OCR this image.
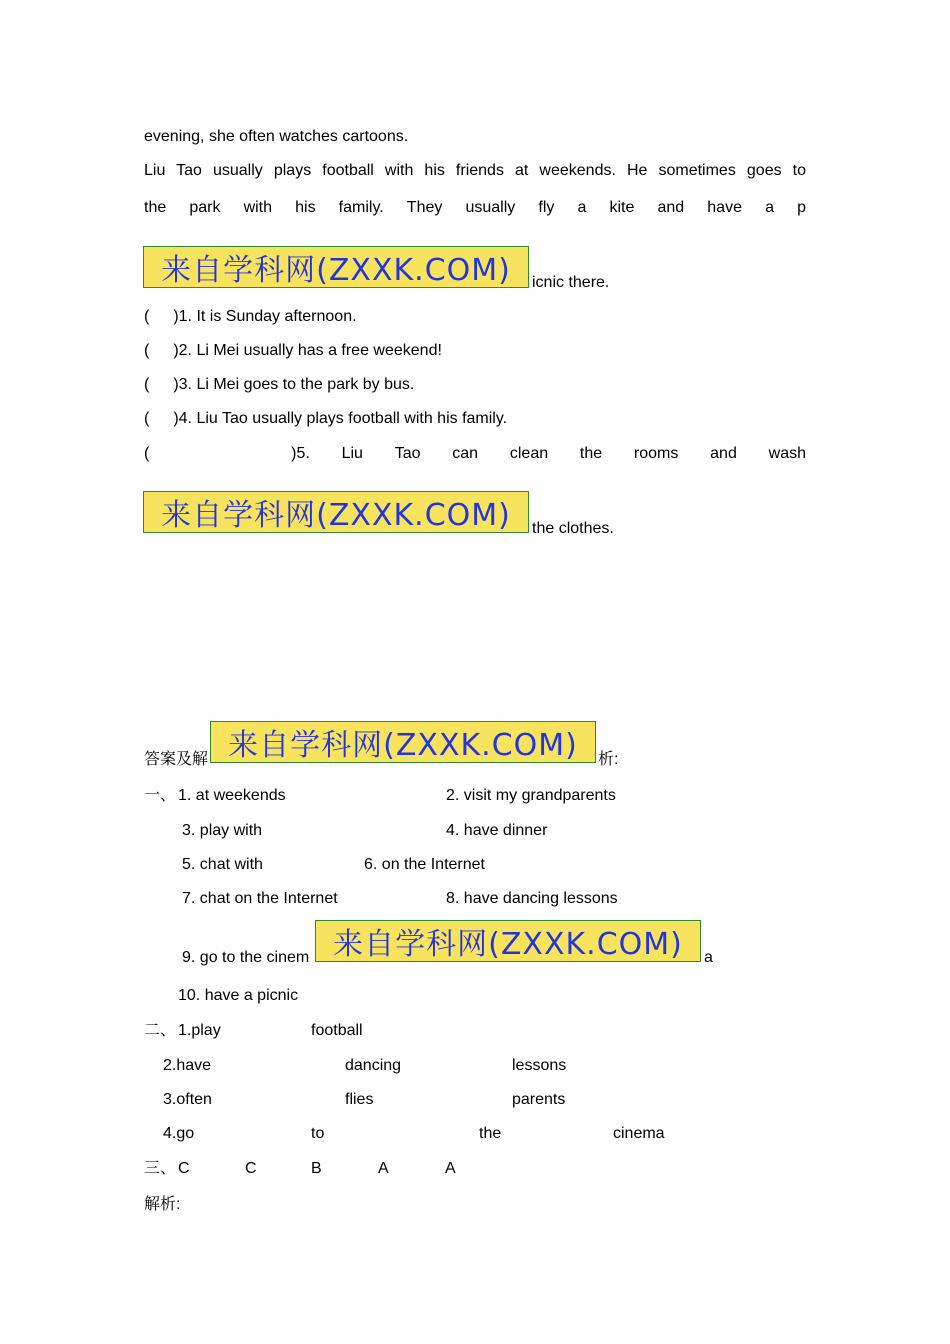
evening, she often watches cartoons.
Liu Tao usually plays football with his friends at weekends. He sometimes goes to
the park with his family. They usually fly a kite and have a p
来自学科网(ZXXK.COM)	icnic there.
( )1. It is Sunday afternoon.
( )2. Li Mei usually has a free weekend!
( )3. Li Mei goes to the park by bus.
( )4. Liu Tao usually plays football with his family.
(	)5. Liu Tao can clean the rooms and wash
来自学科网(ZXXK.COM)	the clothes.
答案及解 来自学科网(ZXXK.COM)	析:
一、 1. at weekends	2. visit my grandparents
3. play with	4. have dinner
5. chat with	6. on the Internet
7. chat on the Internet	8. have dancing lessons
9. go to the cinem 来自学科网(ZXXK.COM)	a
10. have a picnic
二、 1.play	football
2.have	dancing	lessons
3.often	flies	parents
4.go	to	the	cinema
三、 C	C	B	A	A
解析:
